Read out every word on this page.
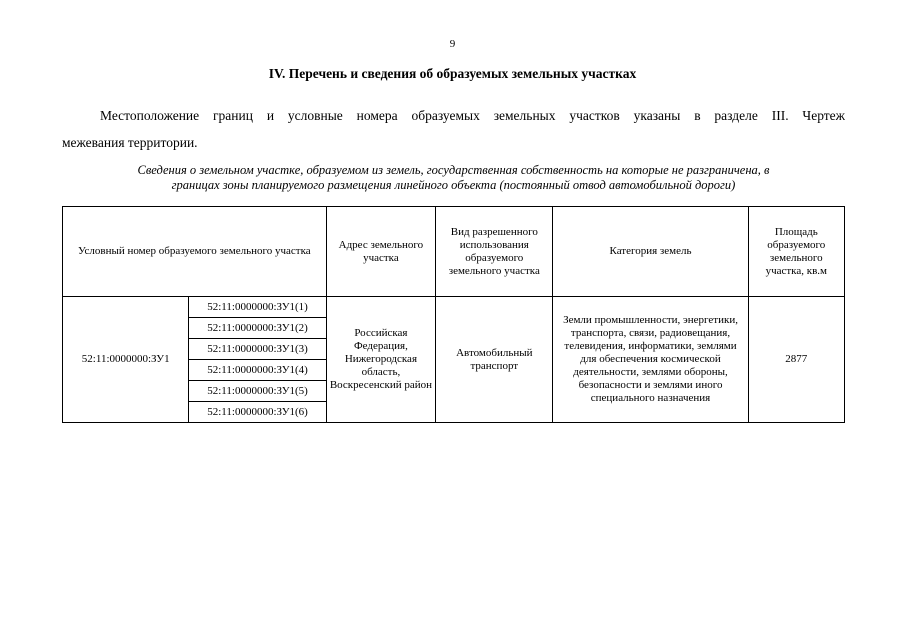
9
IV. Перечень и сведения об образуемых земельных участках
Местоположение границ и условные номера образуемых земельных участков указаны в разделе III. Чертеж
межевания территории.
Сведения о земельном участке, образуемом из земель, государственная собственность на которые не разграничена, в
границах зоны планируемого размещения линейного объекта (постоянный отвод автомобильной дороги)
Условный номер образуемого земельного участка		Адрес земельного участка	Вид разрешенного использования образуемого земельного участка	Категория земель	Площадь образуемого земельного участка, кв.м
52:11:0000000:ЗУ1	52:11:0000000:ЗУ1(1)	Российская Федерация, Нижегородская область, Воскресенский район	Автомобильный транспорт	Земли промышленности, энергетики, транспорта, связи, радиовещания, телевидения, информатики, землями для обеспечения космической деятельности, землями обороны, безопасности и землями иного специального назначения	2877
	52:11:0000000:ЗУ1(2)				
	52:11:0000000:ЗУ1(3)				
	52:11:0000000:ЗУ1(4)				
	52:11:0000000:ЗУ1(5)				
	52:11:0000000:ЗУ1(6)				
